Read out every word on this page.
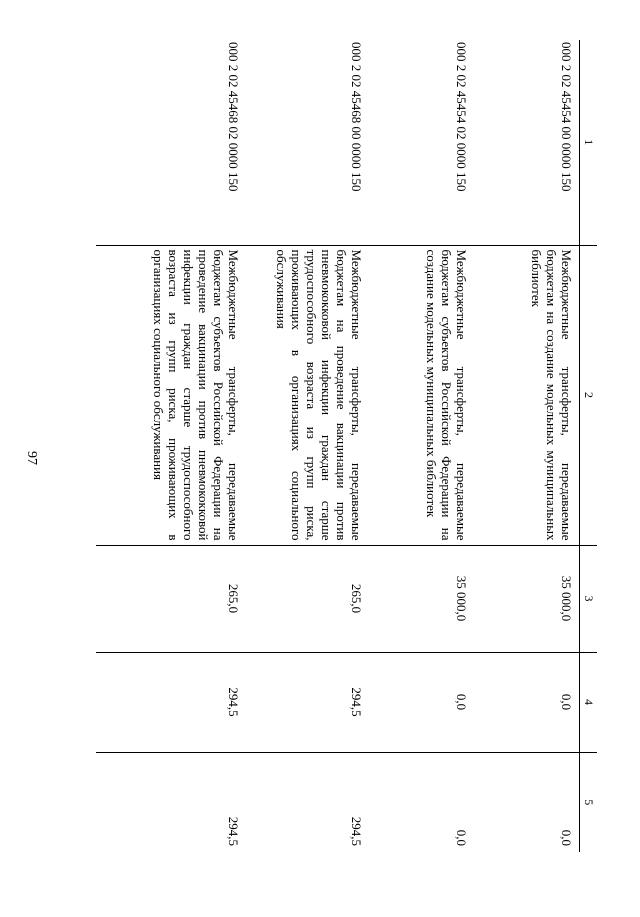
97
1	2	3	4	5
000 2 02 45454 00 0000 150	Межбюджетные трансферты, передаваемые бюджетам на создание модельных муниципальных библиотек	35 000,0	0,0	0,0
000 2 02 45454 02 0000 150	Межбюджетные трансферты, передаваемые бюджетам субъектов Российской Федерации на создание модельных муниципальных библиотек	35 000,0	0,0	0,0
000 2 02 45468 00 0000 150	Межбюджетные трансферты, передаваемые бюджетам на проведение вакцинации против пневмококковой инфекции граждан старше трудоспособного возраста из групп риска, проживающих в организациях социального обслуживания	265,0	294,5	294,5
000 2 02 45468 02 0000 150	Межбюджетные трансферты, передаваемые бюджетам субъектов Российской Федерации на проведение вакцинации против пневмококковой инфекции граждан старше трудоспособного возраста из групп риска, проживающих в организациях социального обслуживания	265,0	294,5	294,5
